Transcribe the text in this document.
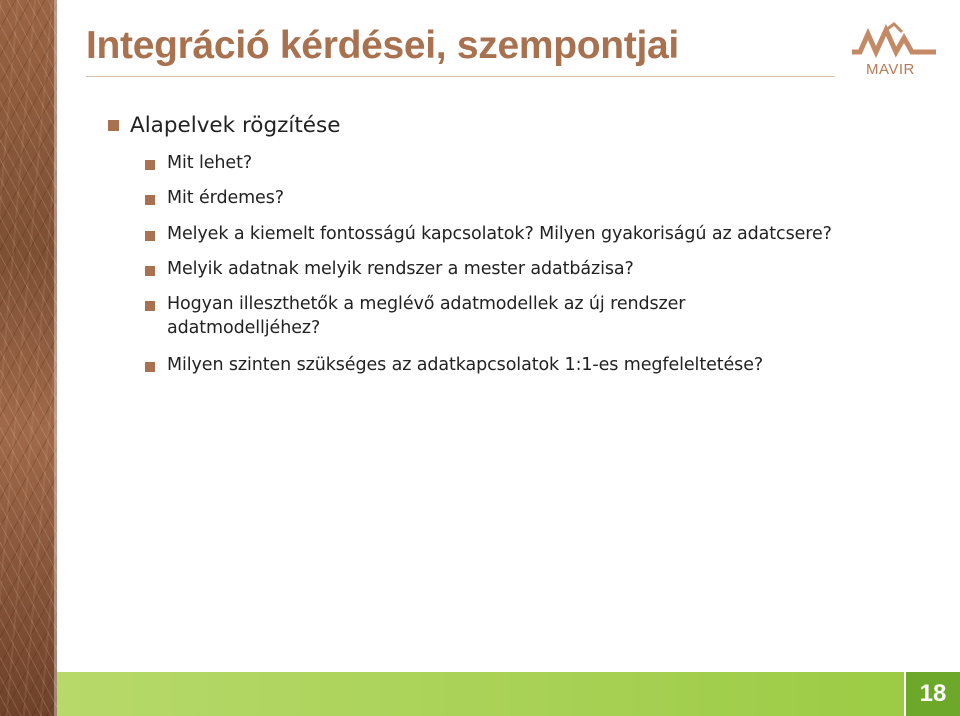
Integráció kérdései, szempontjai
MAVIR
Alapelvek rögzítése
Mit lehet?
Mit érdemes?
Melyek a kiemelt fontosságú kapcsolatok? Milyen gyakoriságú az adatcsere?
Melyik adatnak melyik rendszer a mester adatbázisa?
Hogyan illeszthetők a meglévő adatmodellek az új rendszer
adatmodelljéhez?
Milyen szinten szükséges az adatkapcsolatok 1:1-es megfeleltetése?
18
